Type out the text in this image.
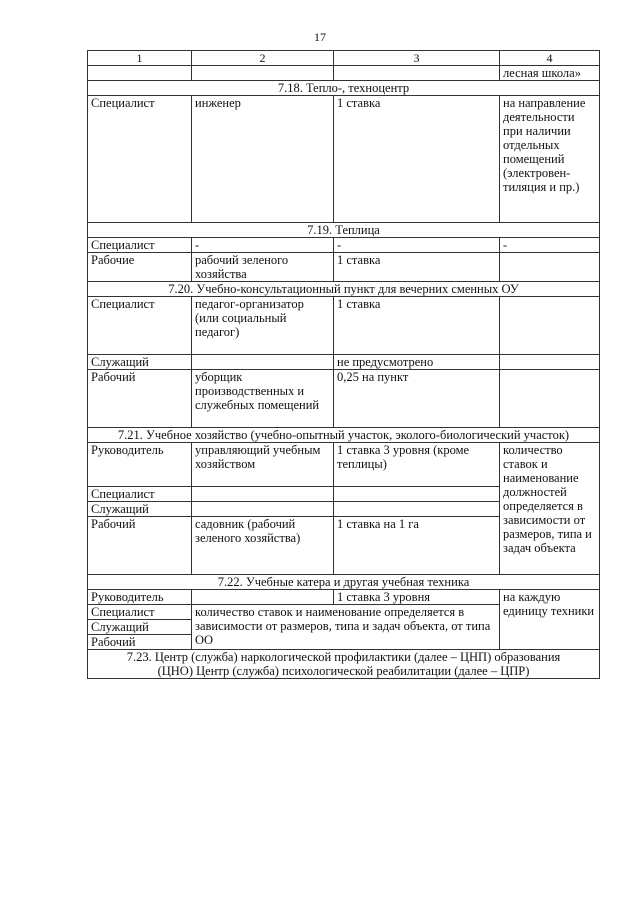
17
1	2	3	4
			лесная школа»
7.18. Тепло-, техноцентр			
Специалист	инженер	1 ставка	на направление деятельности при наличии отдельных помещений (электровен-тиляция и пр.)
7.19. Теплица			
Специалист	-	-	-
Рабочие	рабочий зеленого хозяйства	1 ставка	
7.20. Учебно-консультационный пункт для вечерних сменных ОУ			
Специалист	педагог-организатор (или социальный педагог)	1 ставка	
Служащий		не предусмотрено	
Рабочий	уборщик производственных и служебных помещений	0,25 на пункт	
7.21. Учебное хозяйство (учебно-опытный участок, эколого-биологический участок)			
Руководитель	управляющий учебным хозяйством	1 ставка 3 уровня (кроме теплицы)	количество ставок и наименование должностей определяется в зависимости от размеров, типа и задач объекта
Специалист			
Служащий			
Рабочий	садовник (рабочий зеленого хозяйства)	1 ставка на 1 га	
7.22. Учебные катера и другая учебная техника			
Руководитель		1 ставка 3 уровня	на каждую единицу техники
Специалист	количество ставок и наименование определяется в зависимости от размеров, типа и задач объекта, от типа ОО		
Служащий			
Рабочий			
7.23. Центр (служба) наркологической профилактики (далее – ЦНП) образования (ЦНО) Центр (служба) психологической реабилитации (далее – ЦПР)			
